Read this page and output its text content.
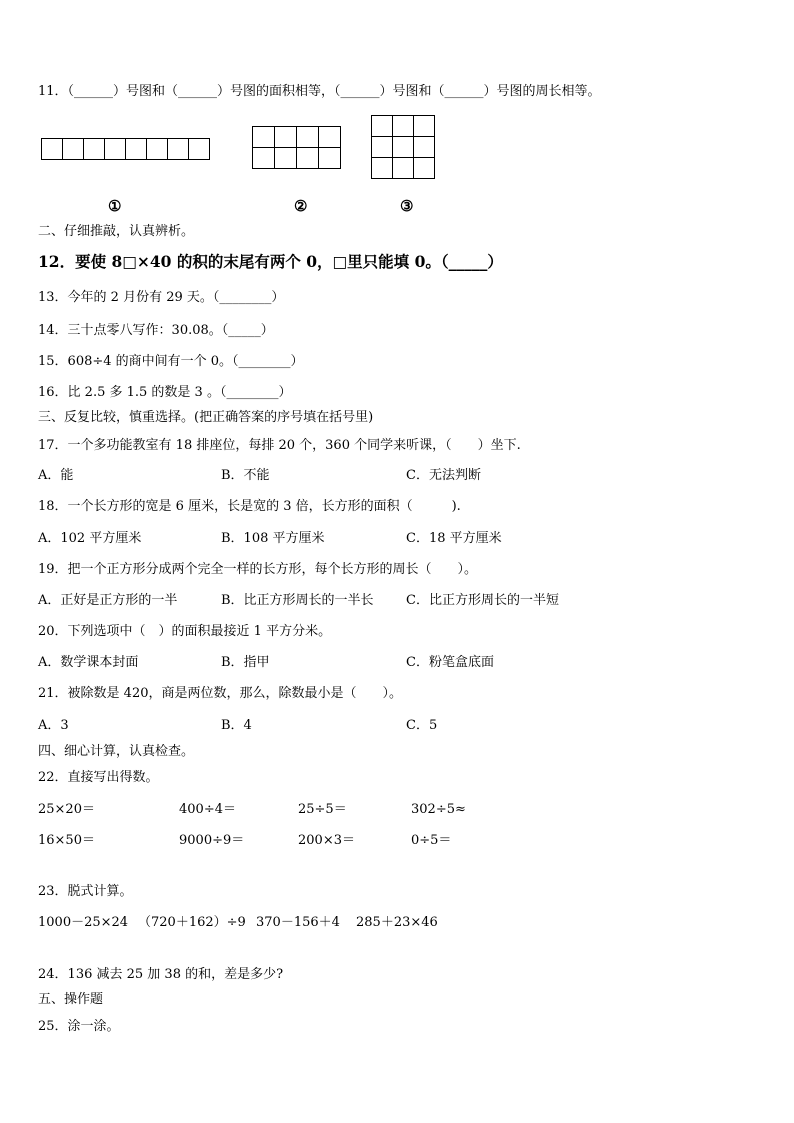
11．（______）号图和（______）号图的面积相等，（______）号图和（______）号图的周长相等。

①	②	③
二、仔细推敲，认真辨析。
12．要使 8□×40 的积的末尾有两个 0，□里只能填 0。（_____）
13．今年的 2 月份有 29 天。（________）
14．三十点零八写作：30.08。（_____）
15．608÷4 的商中间有一个 0。（________）
16．比 2.5 多 1.5 的数是 3 。（________）
三、反复比较，慎重选择。(把正确答案的序号填在括号里)
17．一个多功能教室有 18 排座位，每排 20 个，360 个同学来听课，（　　）坐下.
A．能	B．不能	C．无法判断
18．一个长方形的宽是 6 厘米，长是宽的 3 倍，长方形的面积（　　　).
A．102 平方厘米	B．108 平方厘米	C．18 平方厘米
19．把一个正方形分成两个完全一样的长方形，每个长方形的周长（　　）。
A．正好是正方形的一半	B．比正方形周长的一半长 C．比正方形周长的一半短
20．下列选项中（　）的面积最接近 1 平方分米。
A．数学课本封面	B．指甲	C．粉笔盒底面
21．被除数是 420，商是两位数，那么，除数最小是（　　）。
A．3	B．4	C．5
四、细心计算，认真检查。
22．直接写出得数。
25×20＝	400÷4＝	25÷5＝	302÷5≈
16×50＝	9000÷9＝	200×3＝	0÷5＝
23．脱式计算。
1000－25×24 （720＋162）÷9 370－156＋4 285＋23×46
24．136 减去 25 加 38 的和，差是多少?
五、操作题
25．涂一涂。
